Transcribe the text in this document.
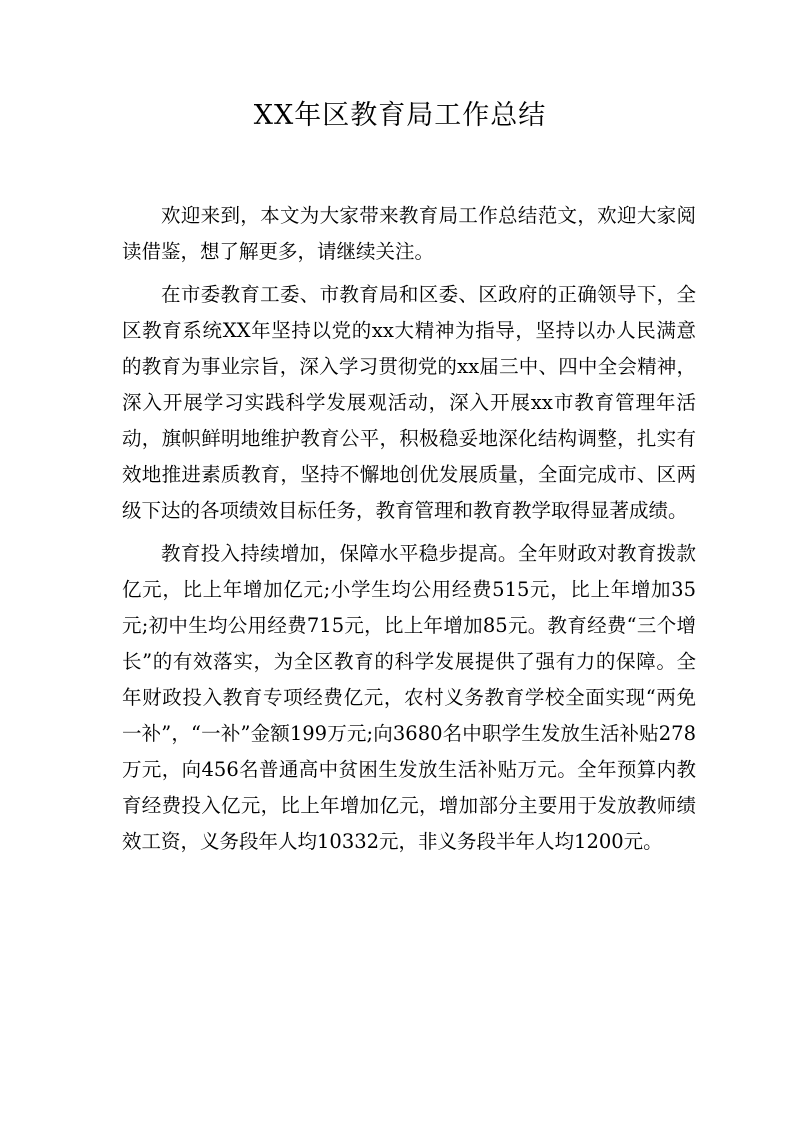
XX年区教育局工作总结

欢迎来到，本文为大家带来教育局工作总结范文，欢迎大家阅读借鉴，想了解更多，请继续关注。

在市委教育工委、市教育局和区委、区政府的正确领导下，全区教育系统XX年坚持以党的xx大精神为指导，坚持以办人民满意的教育为事业宗旨，深入学习贯彻党的xx届三中、四中全会精神，深入开展学习实践科学发展观活动，深入开展xx市教育管理年活动，旗帜鲜明地维护教育公平，积极稳妥地深化结构调整，扎实有效地推进素质教育，坚持不懈地创优发展质量，全面完成市、区两级下达的各项绩效目标任务，教育管理和教育教学取得显著成绩。

教育投入持续增加，保障水平稳步提高。全年财政对教育拨款亿元，比上年增加亿元;小学生均公用经费515元，比上年增加35元;初中生均公用经费715元，比上年增加85元。教育经费“三个增长”的有效落实，为全区教育的科学发展提供了强有力的保障。全年财政投入教育专项经费亿元，农村义务教育学校全面实现“两免一补”，“一补”金额199万元;向3680名中职学生发放生活补贴278万元，向456名普通高中贫困生发放生活补贴万元。全年预算内教育经费投入亿元，比上年增加亿元，增加部分主要用于发放教师绩效工资，义务段年人均10332元，非义务段半年人均1200元。
